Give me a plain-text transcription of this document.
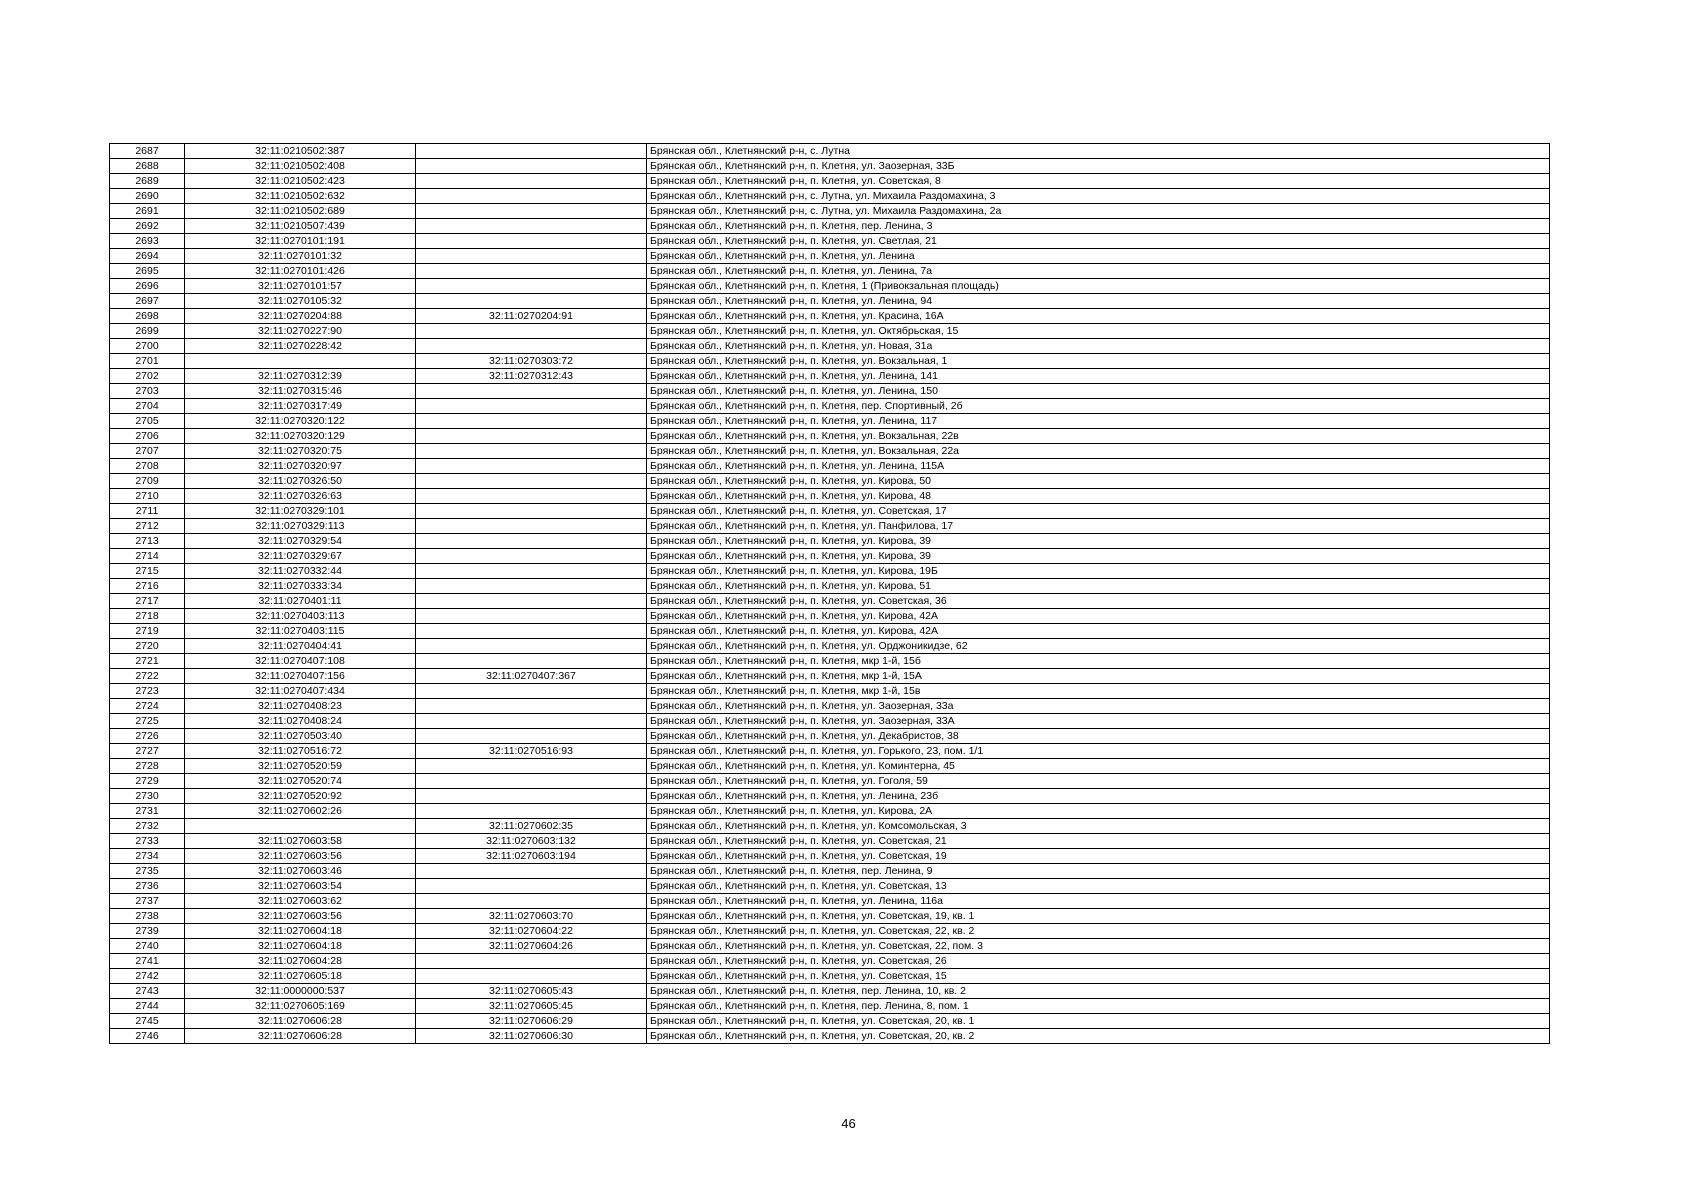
2687	32:11:0210502:387		Брянская обл., Клетнянский р-н, с. Лутна
2688	32:11:0210502:408		Брянская обл., Клетнянский р-н, п. Клетня, ул. Заозерная, 33Б
2689	32:11:0210502:423		Брянская обл., Клетнянский р-н, п. Клетня, ул. Советская, 8
2690	32:11:0210502:632		Брянская обл., Клетнянский р-н, с. Лутна, ул. Михаила Раздомахина, 3
2691	32:11:0210502:689		Брянская обл., Клетнянский р-н, с. Лутна, ул. Михаила Раздомахина, 2а
2692	32:11:0210507:439		Брянская обл., Клетнянский р-н, п. Клетня, пер. Ленина, 3
2693	32:11:0270101:191		Брянская обл., Клетнянский р-н, п. Клетня, ул. Светлая, 21
2694	32:11:0270101:32		Брянская обл., Клетнянский р-н, п. Клетня, ул. Ленина
2695	32:11:0270101:426		Брянская обл., Клетнянский р-н, п. Клетня, ул. Ленина, 7а
2696	32:11:0270101:57		Брянская обл., Клетнянский р-н, п. Клетня, 1 (Привокзальная площадь)
2697	32:11:0270105:32		Брянская обл., Клетнянский р-н, п. Клетня, ул. Ленина, 94
2698	32:11:0270204:88	32:11:0270204:91	Брянская обл., Клетнянский р-н, п. Клетня, ул. Красина, 16А
2699	32:11:0270227:90		Брянская обл., Клетнянский р-н, п. Клетня, ул. Октябрьская, 15
2700	32:11:0270228:42		Брянская обл., Клетнянский р-н, п. Клетня, ул. Новая, 31а
2701		32:11:0270303:72	Брянская обл., Клетнянский р-н, п. Клетня, ул. Вокзальная, 1
2702	32:11:0270312:39	32:11:0270312:43	Брянская обл., Клетнянский р-н, п. Клетня, ул. Ленина, 141
2703	32:11:0270315:46		Брянская обл., Клетнянский р-н, п. Клетня, ул. Ленина, 150
2704	32:11:0270317:49		Брянская обл., Клетнянский р-н, п. Клетня, пер. Спортивный, 2б
2705	32:11:0270320:122		Брянская обл., Клетнянский р-н, п. Клетня, ул. Ленина, 117
2706	32:11:0270320:129		Брянская обл., Клетнянский р-н, п. Клетня, ул. Вокзальная, 22в
2707	32:11:0270320:75		Брянская обл., Клетнянский р-н, п. Клетня, ул. Вокзальная, 22а
2708	32:11:0270320:97		Брянская обл., Клетнянский р-н, п. Клетня, ул. Ленина, 115А
2709	32:11:0270326:50		Брянская обл., Клетнянский р-н, п. Клетня, ул. Кирова, 50
2710	32:11:0270326:63		Брянская обл., Клетнянский р-н, п. Клетня, ул. Кирова, 48
2711	32:11:0270329:101		Брянская обл., Клетнянский р-н, п. Клетня, ул. Советская, 17
2712	32:11:0270329:113		Брянская обл., Клетнянский р-н, п. Клетня, ул. Панфилова, 17
2713	32:11:0270329:54		Брянская обл., Клетнянский р-н, п. Клетня, ул. Кирова, 39
2714	32:11:0270329:67		Брянская обл., Клетнянский р-н, п. Клетня, ул. Кирова, 39
2715	32:11:0270332:44		Брянская обл., Клетнянский р-н, п. Клетня, ул. Кирова, 19Б
2716	32:11:0270333:34		Брянская обл., Клетнянский р-н, п. Клетня, ул. Кирова, 51
2717	32:11:0270401:11		Брянская обл., Клетнянский р-н, п. Клетня, ул. Советская, 36
2718	32:11:0270403:113		Брянская обл., Клетнянский р-н, п. Клетня, ул. Кирова, 42А
2719	32:11:0270403:115		Брянская обл., Клетнянский р-н, п. Клетня, ул. Кирова, 42А
2720	32:11:0270404:41		Брянская обл., Клетнянский р-н, п. Клетня, ул. Орджоникидзе, 62
2721	32:11:0270407:108		Брянская обл., Клетнянский р-н, п. Клетня, мкр 1-й, 15б
2722	32:11:0270407:156	32:11:0270407:367	Брянская обл., Клетнянский р-н, п. Клетня, мкр 1-й, 15А
2723	32:11:0270407:434		Брянская обл., Клетнянский р-н, п. Клетня, мкр 1-й, 15в
2724	32:11:0270408:23		Брянская обл., Клетнянский р-н, п. Клетня, ул. Заозерная, 33а
2725	32:11:0270408:24		Брянская обл., Клетнянский р-н, п. Клетня, ул. Заозерная, 33А
2726	32:11:0270503:40		Брянская обл., Клетнянский р-н, п. Клетня, ул. Декабристов, 38
2727	32:11:0270516:72	32:11:0270516:93	Брянская обл., Клетнянский р-н, п. Клетня, ул. Горького, 23, пом. 1/1
2728	32:11:0270520:59		Брянская обл., Клетнянский р-н, п. Клетня, ул. Коминтерна, 45
2729	32:11:0270520:74		Брянская обл., Клетнянский р-н, п. Клетня, ул. Гоголя, 59
2730	32:11:0270520:92		Брянская обл., Клетнянский р-н, п. Клетня, ул. Ленина, 23б
2731	32:11:0270602:26		Брянская обл., Клетнянский р-н, п. Клетня, ул. Кирова, 2А
2732		32:11:0270602:35	Брянская обл., Клетнянский р-н, п. Клетня, ул. Комсомольская, 3
2733	32:11:0270603:58	32:11:0270603:132	Брянская обл., Клетнянский р-н, п. Клетня, ул. Советская, 21
2734	32:11:0270603:56	32:11:0270603:194	Брянская обл., Клетнянский р-н, п. Клетня, ул. Советская, 19
2735	32:11:0270603:46		Брянская обл., Клетнянский р-н, п. Клетня, пер. Ленина, 9
2736	32:11:0270603:54		Брянская обл., Клетнянский р-н, п. Клетня, ул. Советская, 13
2737	32:11:0270603:62		Брянская обл., Клетнянский р-н, п. Клетня, ул. Ленина, 116а
2738	32:11:0270603:56	32:11:0270603:70	Брянская обл., Клетнянский р-н, п. Клетня, ул. Советская, 19, кв. 1
2739	32:11:0270604:18	32:11:0270604:22	Брянская обл., Клетнянский р-н, п. Клетня, ул. Советская, 22, кв. 2
2740	32:11:0270604:18	32:11:0270604:26	Брянская обл., Клетнянский р-н, п. Клетня, ул. Советская, 22, пом. 3
2741	32:11:0270604:28		Брянская обл., Клетнянский р-н, п. Клетня, ул. Советская, 26
2742	32:11:0270605:18		Брянская обл., Клетнянский р-н, п. Клетня, ул. Советская, 15
2743	32:11:0000000:537	32:11:0270605:43	Брянская обл., Клетнянский р-н, п. Клетня, пер. Ленина, 10, кв. 2
2744	32:11:0270605:169	32:11:0270605:45	Брянская обл., Клетнянский р-н, п. Клетня, пер. Ленина, 8, пом. 1
2745	32:11:0270606:28	32:11:0270606:29	Брянская обл., Клетнянский р-н, п. Клетня, ул. Советская, 20, кв. 1
2746	32:11:0270606:28	32:11:0270606:30	Брянская обл., Клетнянский р-н, п. Клетня, ул. Советская, 20, кв. 2
46
